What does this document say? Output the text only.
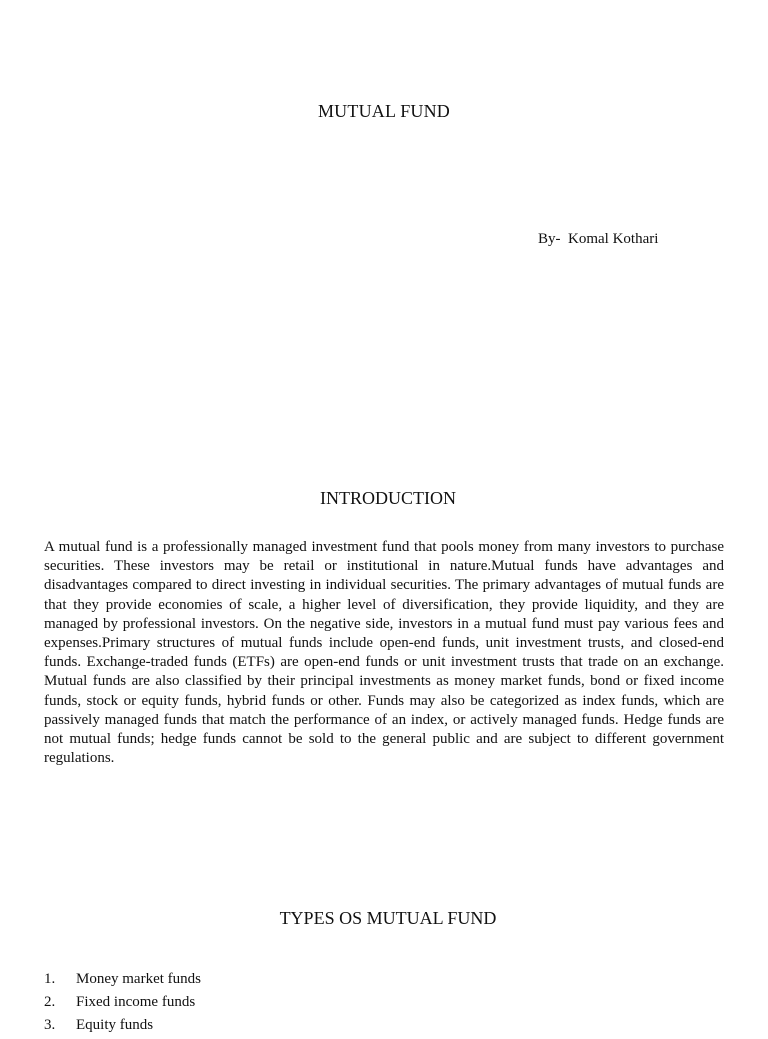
MUTUAL FUND
By-  Komal Kothari
INTRODUCTION

A mutual fund is a professionally managed investment fund that pools money from many investors to purchase securities. These investors may be retail or institutional in nature.Mutual funds have advantages and disadvantages compared to direct investing in individual securities. The primary advantages of mutual funds are that they provide economies of scale, a higher level of diversification, they provide liquidity, and they are managed by professional investors. On the negative side, investors in a mutual fund must pay various fees and expenses.Primary structures of mutual funds include open-end funds, unit investment trusts, and closed-end funds. Exchange-traded funds (ETFs) are open-end funds or unit investment trusts that trade on an exchange. Mutual funds are also classified by their principal investments as money market funds, bond or fixed income funds, stock or equity funds, hybrid funds or other. Funds may also be categorized as index funds, which are passively managed funds that match the performance of an index, or actively managed funds. Hedge funds are not mutual funds; hedge funds cannot be sold to the general public and are subject to different government regulations.

TYPES OS MUTUAL FUND
1.	Money market funds
2.	Fixed income funds
3.	Equity funds
